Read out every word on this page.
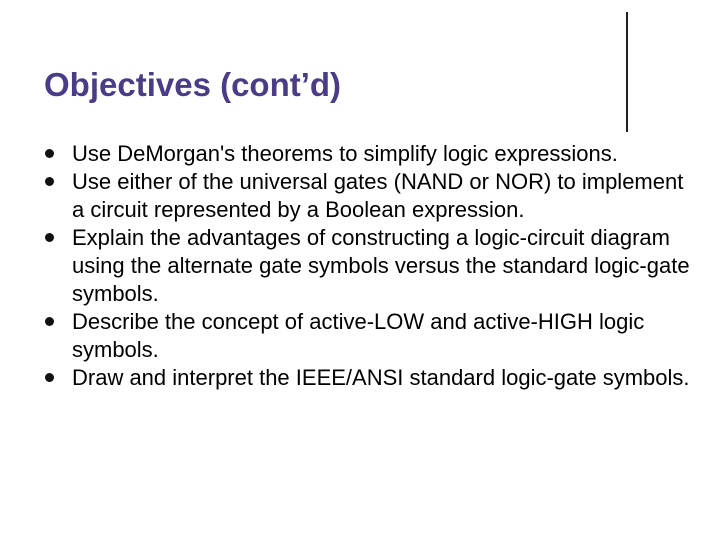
Objectives (cont’d)
Use DeMorgan's theorems to simplify logic expressions.
Use either of the universal gates (NAND or NOR) to implement a circuit represented by a Boolean expression.
Explain the advantages of constructing a logic-circuit diagram using the alternate gate symbols versus the standard logic-gate symbols.
Describe the concept of active-LOW and active-HIGH logic symbols.
Draw and interpret the IEEE/ANSI standard logic-gate symbols.
